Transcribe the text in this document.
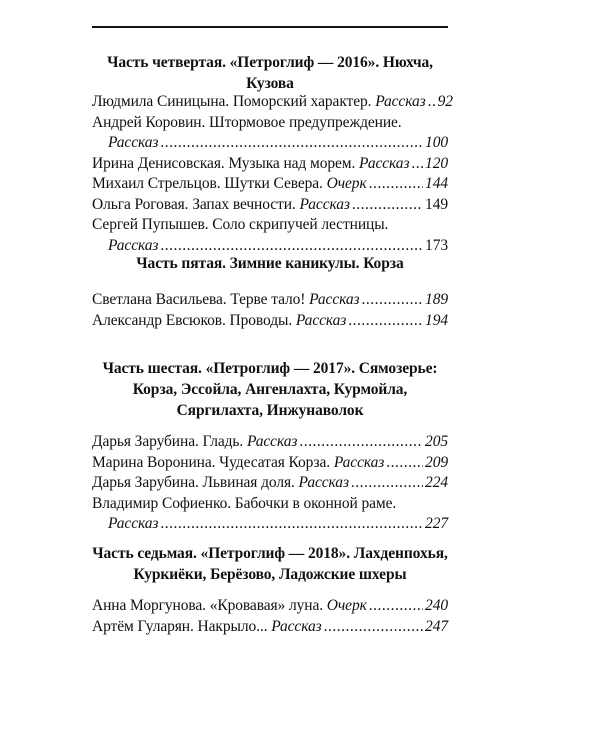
Часть четвертая. «Петроглиф — 2016». Нюхча, Кузова

Людмила Синицына. Поморский характер.
Рассказ ..... 92
Андрей Коровин. Штормовое предупреждение.
Рассказ .....	100
Ирина Денисовская. Музыка над морем.
Рассказ ..... 120
Михаил Стрельцов. Шутки Севера.
Очерк .....	144
Ольга Роговая. Запах вечности.
Рассказ .....	149
Сергей Пупышев. Соло скрипучей лестницы.
Рассказ .....	173

Часть пятая. Зимние каникулы. Корза

Светлана Васильева. Терве тало!
Рассказ .....	189
Александр Евсюков. Проводы.
Рассказ .....	194

Часть шестая. «Петроглиф — 2017». Сямозерье:
Корза, Эссойла, Ангенлахта, Курмойла,
Сяргилахта, Инжунаволок

Дарья Зарубина. Гладь.
Рассказ .....	205
Марина Воронина. Чудесатая Корза.
Рассказ .....	209
Дарья Зарубина. Львиная доля.
Рассказ .....	224
Владимир Софиенко. Бабочки в оконной раме.
Рассказ .....	227

Часть седьмая. «Петроглиф — 2018». Лахденпохья,
Куркиёки, Берёзово, Ладожские шхеры

Анна Моргунова. «Кровавая» луна.
Очерк .....	240
Артём Гуларян. Накрыло...
Рассказ .....	247
